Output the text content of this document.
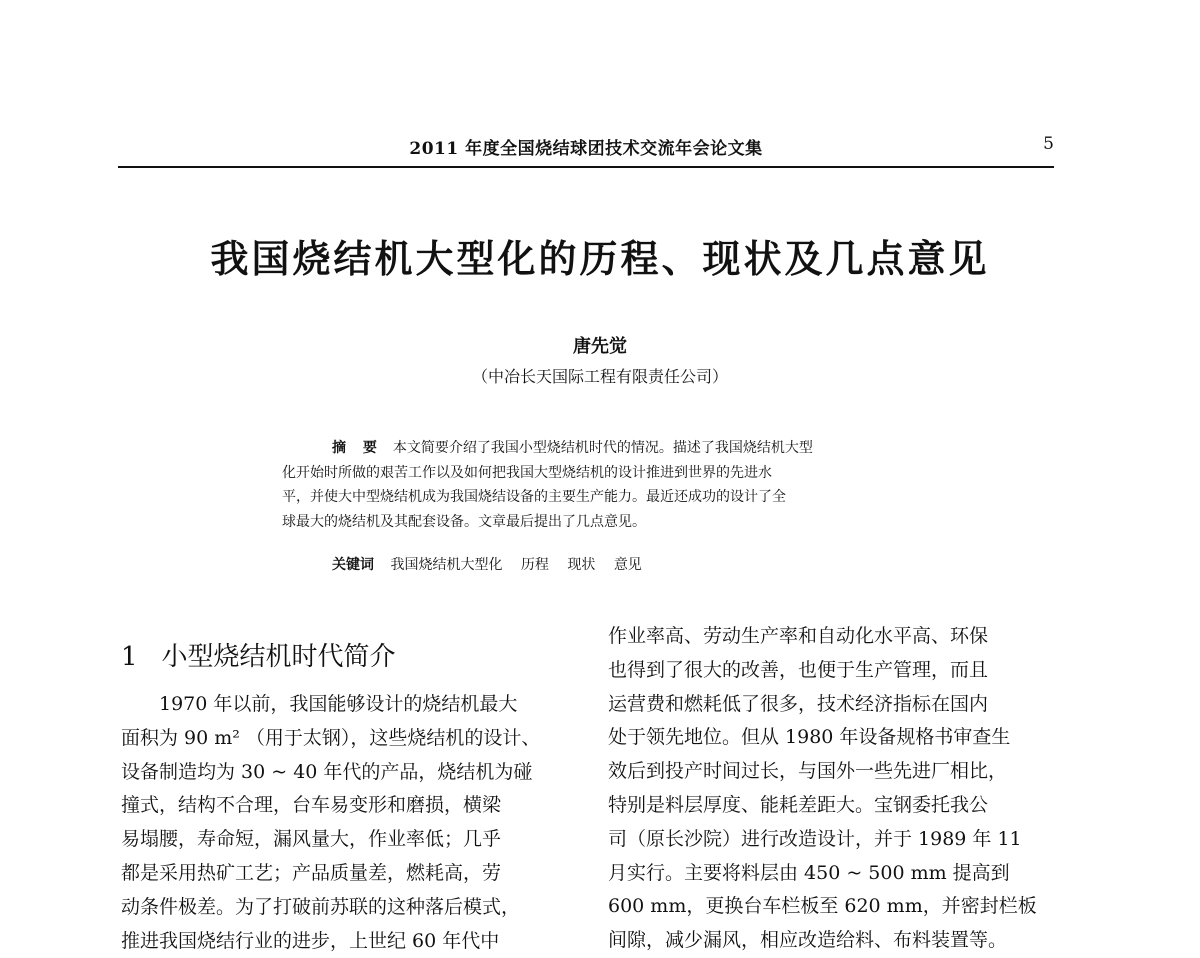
2011 年度全国烧结球团技术交流年会论文集	5
我国烧结机大型化的历程、现状及几点意见
唐先觉
（中冶长天国际工程有限责任公司）
摘 要 本文简要介绍了我国小型烧结机时代的情况。描述了我国烧结机大型
化开始时所做的艰苦工作以及如何把我国大型烧结机的设计推进到世界的先进水
平，并使大中型烧结机成为我国烧结设备的主要生产能力。最近还成功的设计了全
球最大的烧结机及其配套设备。文章最后提出了几点意见。
关键词 我国烧结机大型化 历程 现状 意见
1 小型烧结机时代简介
　　1970 年以前，我国能够设计的烧结机最大
面积为 90 m² （用于太钢），这些烧结机的设计、
设备制造均为 30 ~ 40 年代的产品，烧结机为碰
撞式，结构不合理，台车易变形和磨损，横梁
易塌腰，寿命短，漏风量大，作业率低；几乎
都是采用热矿工艺；产品质量差，燃耗高，劳
动条件极差。为了打破前苏联的这种落后模式，
推进我国烧结行业的进步，上世纪 60 年代中
作业率高、劳动生产率和自动化水平高、环保
也得到了很大的改善，也便于生产管理，而且
运营费和燃耗低了很多，技术经济指标在国内
处于领先地位。但从 1980 年设备规格书审查生
效后到投产时间过长，与国外一些先进厂相比，
特别是料层厚度、能耗差距大。宝钢委托我公
司（原长沙院）进行改造设计，并于 1989 年 11
月实行。主要将料层由 450 ~ 500 mm 提高到
600 mm，更换台车栏板至 620 mm，并密封栏板
间隙，减少漏风，相应改造给料、布料装置等。
